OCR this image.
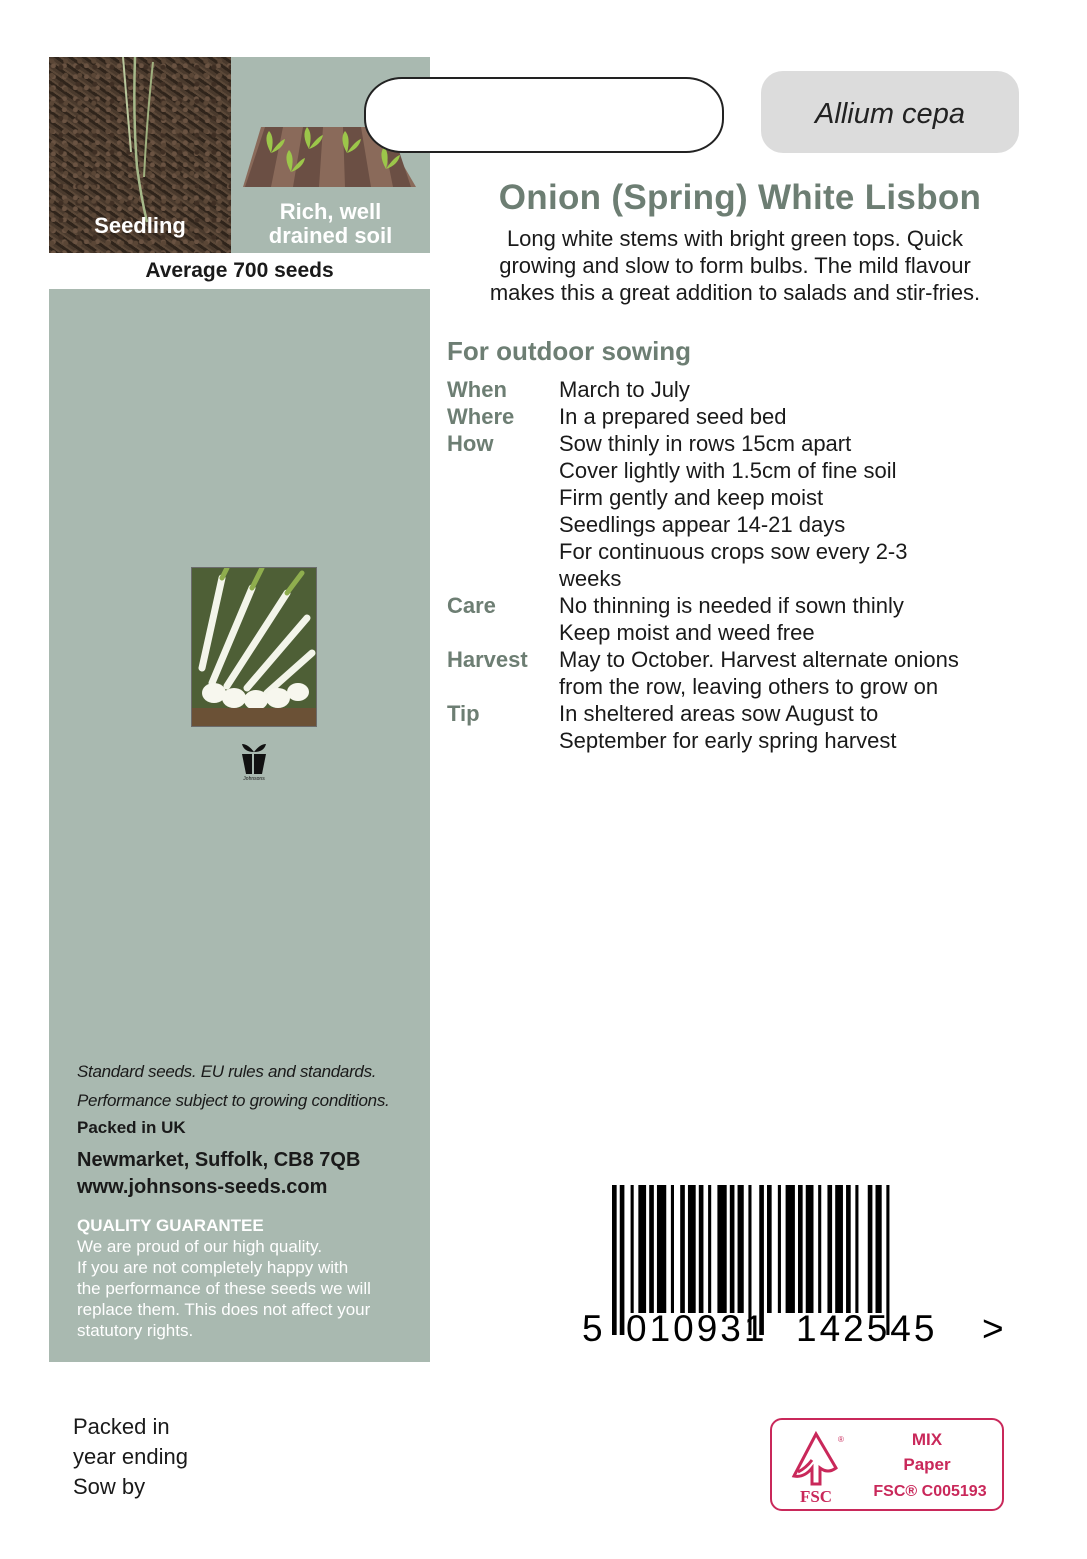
Seedling
Rich, well
drained soil
Average 700 seeds
Johnsons
Standard seeds. EU rules and standards.
Performance subject to growing conditions.
Packed in UK
Newmarket, Suffolk, CB8 7QB
www.johnsons-seeds.com
QUALITY GUARANTEE
We are proud of our high quality.
If you are not completely happy with
the performance of these seeds we will
replace them. This does not affect your
statutory rights.
Allium cepa
Onion (Spring) White Lisbon
Long white stems with bright green tops. Quick
growing and slow to form bulbs. The mild flavour
makes this a great addition to salads and stir-fries.
For outdoor sowing
When	March to July
Where	In a prepared seed bed
How	Sow thinly in rows 15cm apart
Cover lightly with 1.5cm of fine soil
Firm gently and keep moist
Seedlings appear 14-21 days
For continuous crops sow every 2-3
weeks
Care	No thinning is needed if sown thinly
Keep moist and weed free
Harvest	May to October. Harvest alternate onions
from the row, leaving others to grow on
Tip	In sheltered areas sow August to
September for early spring harvest
5 010931 142545 >
Packed in
year ending
Sow by
®
FSC
MIX
Paper
FSC® C005193
